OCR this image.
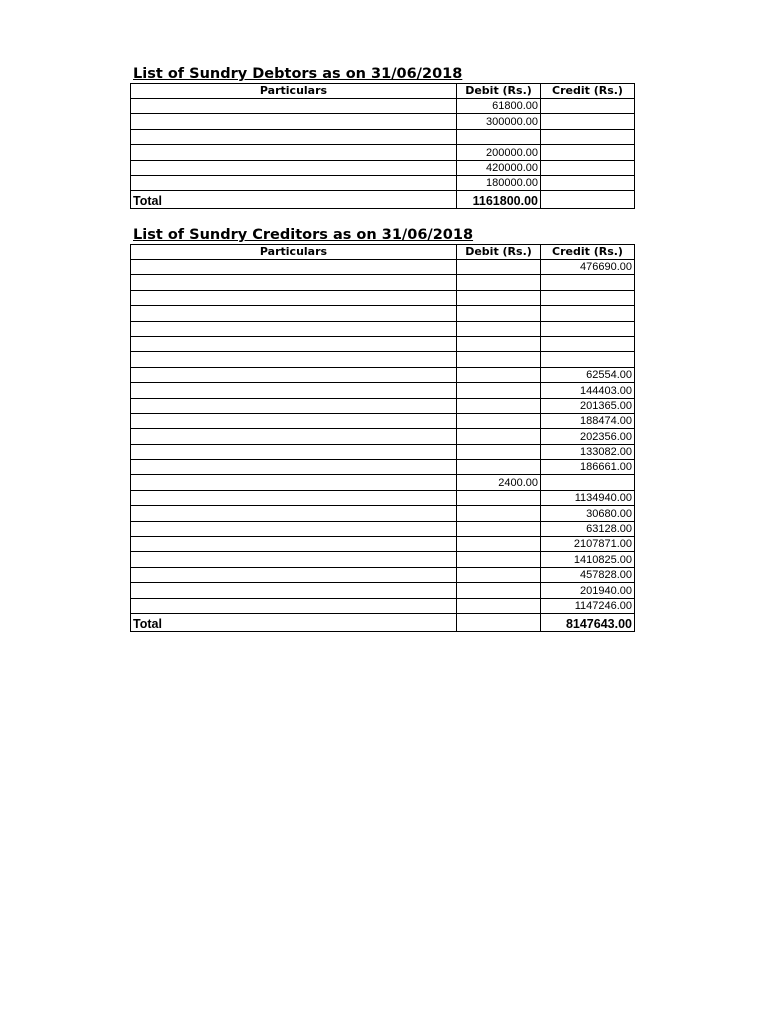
List of Sundry Debtors as on 31/06/2018
Particulars	Debit (Rs.)	Credit (Rs.)
	61800.00	
	300000.00	

	200000.00	
	420000.00	
	180000.00	
Total	1161800.00	
List of Sundry Creditors as on 31/06/2018
Particulars	Debit (Rs.)	Credit (Rs.)
		476690.00

		62554.00
		144403.00
		201365.00
		188474.00
		202356.00
		133082.00
		186661.00
	2400.00	
		1134940.00
		30680.00
		63128.00
		2107871.00
		1410825.00
		457828.00
		201940.00
		1147246.00
Total		8147643.00
